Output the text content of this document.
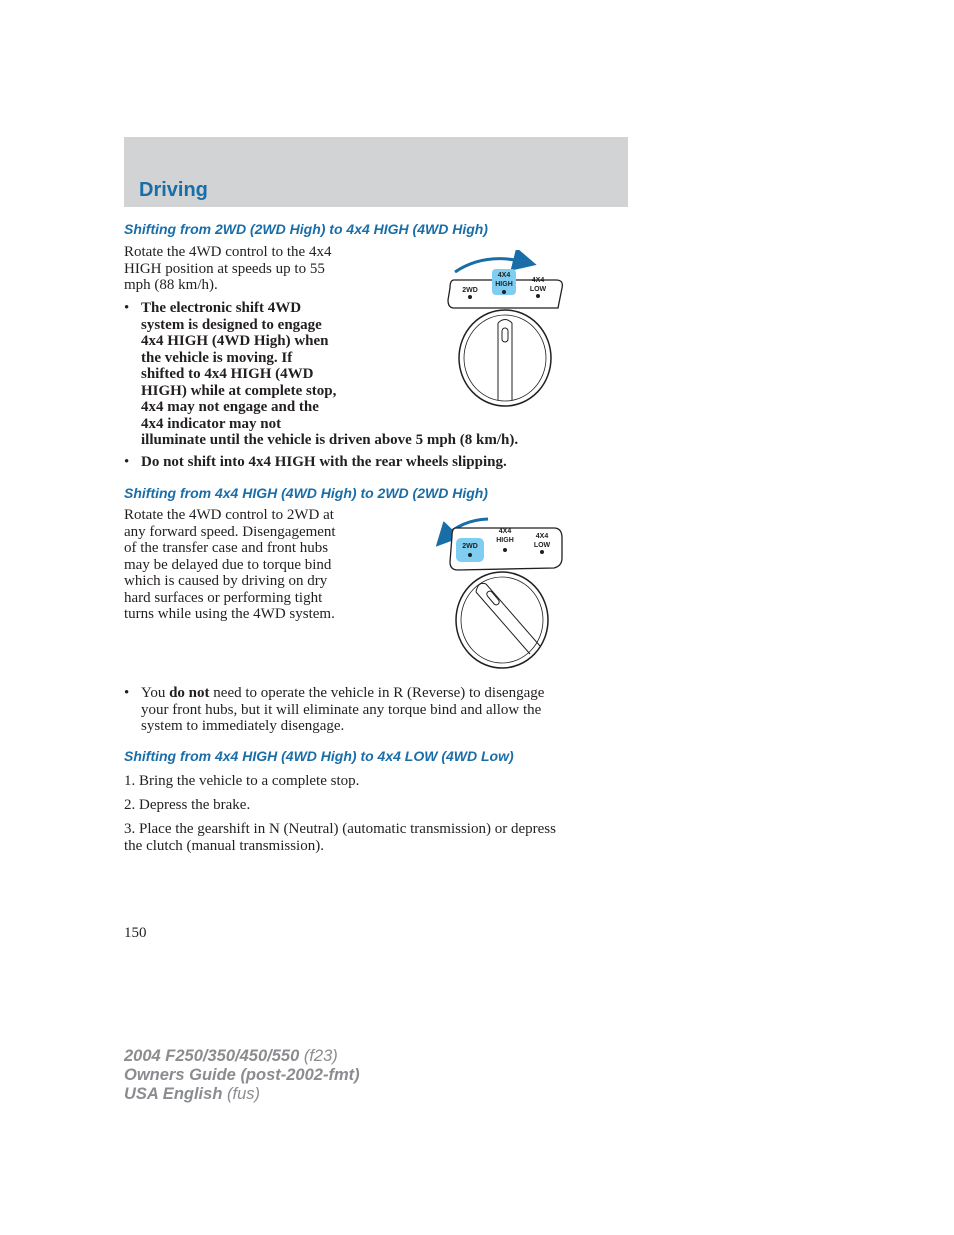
Driving
Shifting from 2WD (2WD High) to 4x4 HIGH (4WD High)
Rotate the 4WD control to the 4x4
HIGH position at speeds up to 55
mph (88 km/h).
• The electronic shift 4WD
system is designed to engage
4x4 HIGH (4WD High) when
the vehicle is moving. If
shifted to 4x4 HIGH (4WD
HIGH) while at complete stop,
4x4 may not engage and the
4x4 indicator may not
illuminate until the vehicle is driven above 5 mph (8 km/h).
• Do not shift into 4x4 HIGH with the rear wheels slipping.
2WD
4X4
HIGH
4X4
LOW
Shifting from 4x4 HIGH (4WD High) to 2WD (2WD High)
Rotate the 4WD control to 2WD at
any forward speed. Disengagement
of the transfer case and front hubs
may be delayed due to torque bind
which is caused by driving on dry
hard surfaces or performing tight
turns while using the 4WD system.
2WD
4X4
HIGH
4X4
LOW
• You do not need to operate the vehicle in R (Reverse) to disengage
your front hubs, but it will eliminate any torque bind and allow the
system to immediately disengage.
Shifting from 4x4 HIGH (4WD High) to 4x4 LOW (4WD Low)
1. Bring the vehicle to a complete stop.
2. Depress the brake.
3. Place the gearshift in N (Neutral) (automatic transmission) or depress
the clutch (manual transmission).
150
2004 F250/350/450/550 (f23)
Owners Guide (post-2002-fmt)
USA English (fus)
